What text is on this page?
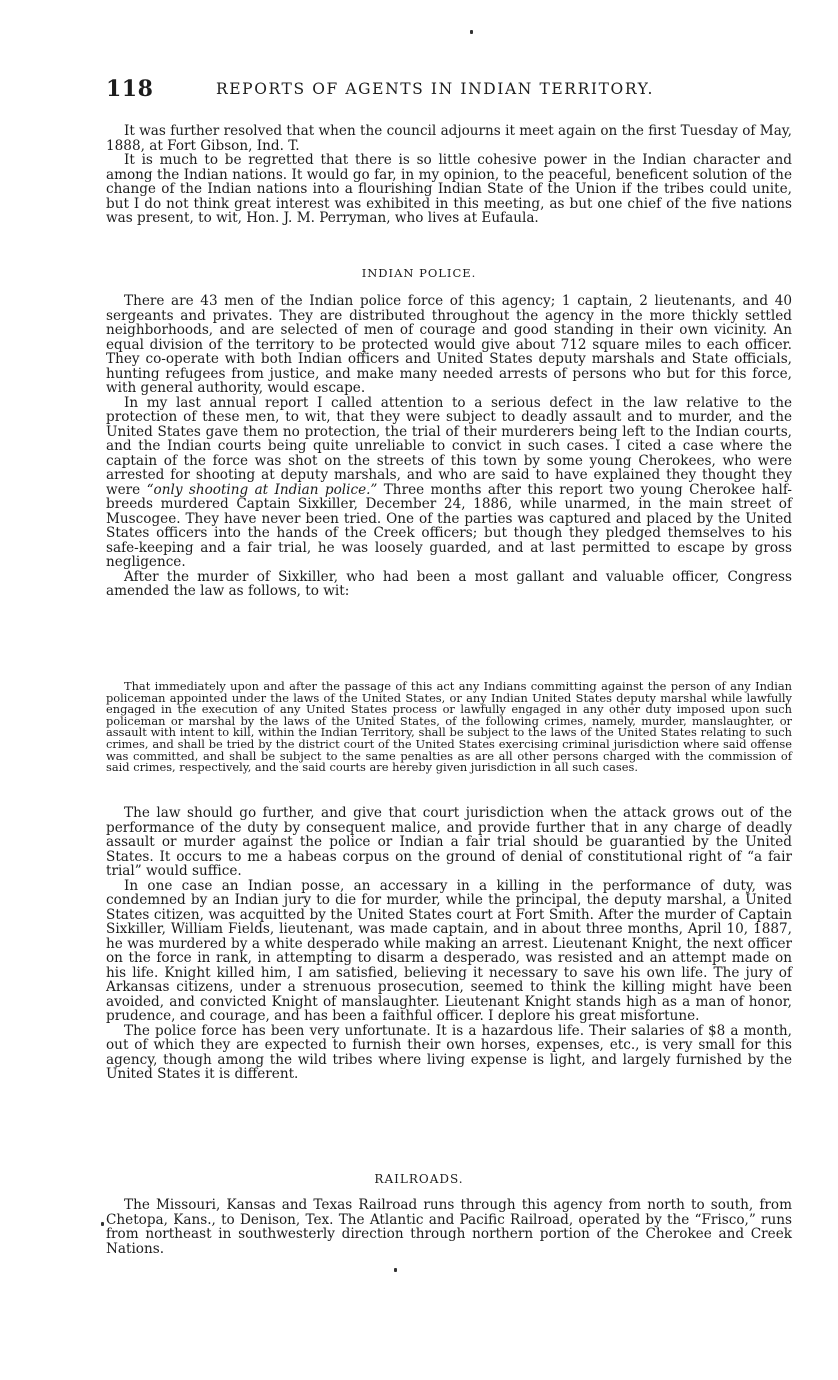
118	REPORTS OF AGENTS IN INDIAN TERRITORY.

It was further resolved that when the council adjourns it meet again on the first Tuesday of May, 1888, at Fort Gibson, Ind. T.

It is much to be regretted that there is so little cohesive power in the Indian character and among the Indian nations. It would go far, in my opinion, to the peaceful, beneficent solution of the change of the Indian nations into a flourishing Indian State of the Union if the tribes could unite, but I do not think great interest was exhibited in this meeting, as but one chief of the five nations was present, to wit, Hon. J. M. Perryman, who lives at Eufaula.

INDIAN POLICE.

There are 43 men of the Indian police force of this agency; 1 captain, 2 lieutenants, and 40 sergeants and privates. They are distributed throughout the agency in the more thickly settled neighborhoods, and are selected of men of courage and good standing in their own vicinity. An equal division of the territory to be protected would give about 712 square miles to each officer. They co-operate with both Indian officers and United States deputy marshals and State officials, hunting refugees from justice, and make many needed arrests of persons who but for this force, with general authority, would escape.

In my last annual report I called attention to a serious defect in the law relative to the protection of these men, to wit, that they were subject to deadly assault and to murder, and the United States gave them no protection, the trial of their murderers being left to the Indian courts, and the Indian courts being quite unreliable to convict in such cases. I cited a case where the captain of the force was shot on the streets of this town by some young Cherokees, who were arrested for shooting at deputy marshals, and who are said to have explained they thought they were “only shooting at Indian police.” Three months after this report two young Cherokee half-breeds murdered Captain Sixkiller, December 24, 1886, while unarmed, in the main street of Muscogee. They have never been tried. One of the parties was captured and placed by the United States officers into the hands of the Creek officers; but though they pledged themselves to his safe-keeping and a fair trial, he was loosely guarded, and at last permitted to escape by gross negligence.

After the murder of Sixkiller, who had been a most gallant and valuable officer, Congress amended the law as follows, to wit:

That immediately upon and after the passage of this act any Indians committing against the person of any Indian policeman appointed under the laws of the United States, or any Indian United States deputy marshal while lawfully engaged in the execution of any United States process or lawfully engaged in any other duty imposed upon such policeman or marshal by the laws of the United States, of the following crimes, namely, murder, manslaughter, or assault with intent to kill, within the Indian Territory, shall be subject to the laws of the United States relating to such crimes, and shall be tried by the district court of the United States exercising criminal jurisdiction where said offense was committed, and shall be subject to the same penalties as are all other persons charged with the commission of said crimes, respectively, and the said courts are hereby given jurisdiction in all such cases.

The law should go further, and give that court jurisdiction when the attack grows out of the performance of the duty by consequent malice, and provide further that in any charge of deadly assault or murder against the police or Indian a fair trial should be guarantied by the United States. It occurs to me a habeas corpus on the ground of denial of constitutional right of “a fair trial” would suffice.

In one case an Indian posse, an accessary in a killing in the performance of duty, was condemned by an Indian jury to die for murder, while the principal, the deputy marshal, a United States citizen, was acquitted by the United States court at Fort Smith. After the murder of Captain Sixkiller, William Fields, lieutenant, was made captain, and in about three months, April 10, 1887, he was murdered by a white desperado while making an arrest. Lieutenant Knight, the next officer on the force in rank, in attempting to disarm a desperado, was resisted and an attempt made on his life. Knight killed him, I am satisfied, believing it necessary to save his own life. The jury of Arkansas citizens, under a strenuous prosecution, seemed to think the killing might have been avoided, and convicted Knight of manslaughter. Lieutenant Knight stands high as a man of honor, prudence, and courage, and has been a faithful officer. I deplore his great misfortune.

The police force has been very unfortunate. It is a hazardous life. Their salaries of $8 a month, out of which they are expected to furnish their own horses, expenses, etc., is very small for this agency, though among the wild tribes where living expense is light, and largely furnished by the United States it is different.

RAILROADS.

The Missouri, Kansas and Texas Railroad runs through this agency from north to south, from Chetopa, Kans., to Denison, Tex. The Atlantic and Pacific Railroad, operated by the “Frisco,” runs from northeast in southwesterly direction through northern portion of the Cherokee and Creek Nations.
